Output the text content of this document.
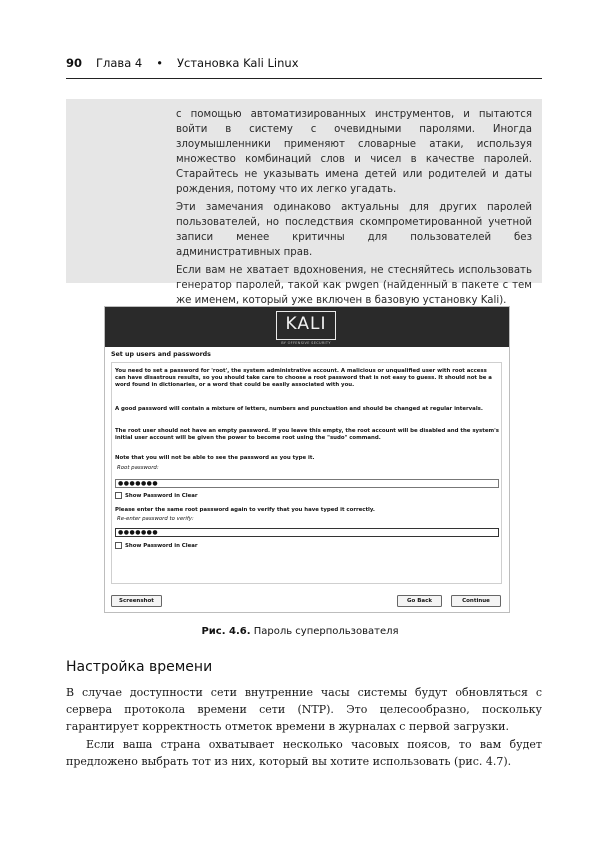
90 Глава 4 • Установка Kali Linux

с помощью автоматизированных инструментов, и пытаются войти в систему с очевидными паролями. Иногда злоумышленники применяют словарные атаки, используя множество комбинаций слов и чисел в качестве паролей. Старайтесь не указывать имена детей или родителей и даты рождения, потому что их легко угадать.

Эти замечания одинаково актуальны для других паролей пользователей, но последствия скомпрометированной учетной записи менее критичны для пользователей без административных прав.

Если вам не хватает вдохновения, не стесняйтесь использовать генератор паролей, такой как pwgen (найденный в пакете с тем же именем, который уже включен в базовую установку Kali).

KALI
BY OFFENSIVE SECURITY
Set up users and passwords

You need to set a password for 'root', the system administrative account. A malicious or unqualified user with root access can have disastrous results, so you should take care to choose a root password that is not easy to guess. It should not be a word found in dictionaries, or a word that could be easily associated with you.

A good password will contain a mixture of letters, numbers and punctuation and should be changed at regular intervals.

The root user should not have an empty password. If you leave this empty, the root account will be disabled and the system's initial user account will be given the power to become root using the "sudo" command.

Note that you will not be able to see the password as you type it.

Root password:
●●●●●●●
Show Password in Clear

Please enter the same root password again to verify that you have typed it correctly.

Re-enter password to verify:
●●●●●●●
Show Password in Clear
Screenshot	Go Back	Continue
Рис. 4.6. Пароль суперпользователя
Настройка времени

В случае доступности сети внутренние часы системы будут обновляться с сервера протокола времени сети (NTP). Это целесообразно, поскольку гарантирует корректность отметок времени в журналах с первой загрузки.

Если ваша страна охватывает несколько часовых поясов, то вам будет предложено выбрать тот из них, который вы хотите использовать (рис. 4.7).
